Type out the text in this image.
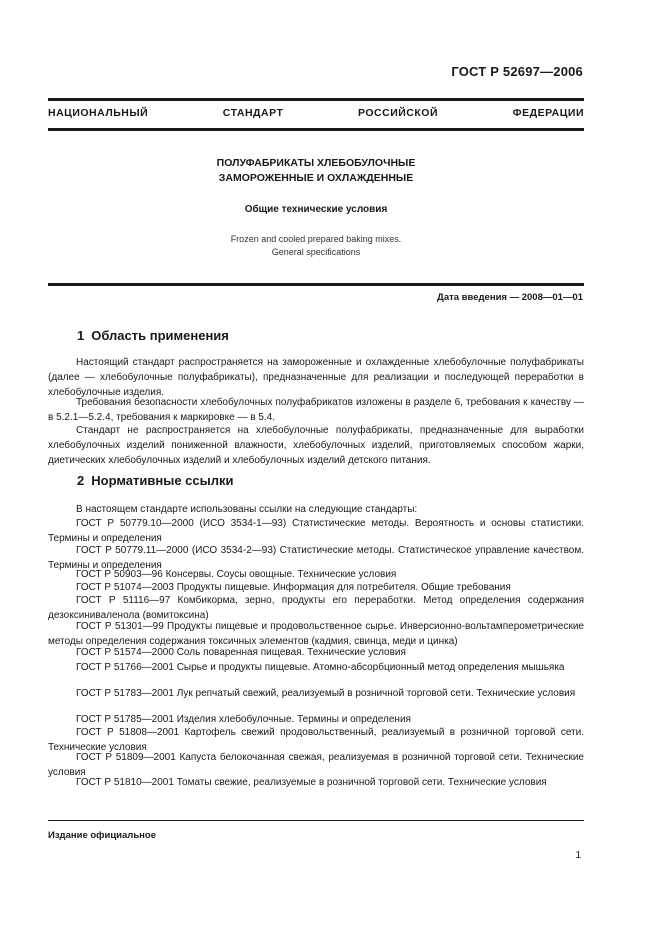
ГОСТ Р 52697—2006
НАЦИОНАЛЬНЫЙ СТАНДАРТ РОССИЙСКОЙ ФЕДЕРАЦИИ
ПОЛУФАБРИКАТЫ ХЛЕБОБУЛОЧНЫЕ
ЗАМОРОЖЕННЫЕ И ОХЛАЖДЕННЫЕ
Общие технические условия
Frozen and cooled prepared baking mixes.
General specifications
Дата введения — 2008—01—01
1 Область применения

Настоящий стандарт распространяется на замороженные и охлажденные хлебобулочные полуфабрикаты (далее — хлебобулочные полуфабрикаты), предназначенные для реализации и последующей переработки в хлебобулочные изделия.

Требования безопасности хлебобулочных полуфабрикатов изложены в разделе 6, требования к качеству — в 5.2.1—5.2.4, требования к маркировке — в 5.4.

Стандарт не распространяется на хлебобулочные полуфабрикаты, предназначенные для выработки хлебобулочных изделий пониженной влажности, хлебобулочных изделий, приготовляемых способом жарки, диетических хлебобулочных изделий и хлебобулочных изделий детского питания.

2 Нормативные ссылки

В настоящем стандарте использованы ссылки на следующие стандарты:

ГОСТ Р 50779.10—2000 (ИСО 3534-1—93) Статистические методы. Вероятность и основы статистики. Термины и определения

ГОСТ Р 50779.11—2000 (ИСО 3534-2—93) Статистические методы. Статистическое управление качеством. Термины и определения

ГОСТ Р 50903—96 Консервы. Соусы овощные. Технические условия

ГОСТ Р 51074—2003 Продукты пищевые. Информация для потребителя. Общие требования

ГОСТ Р 51116—97 Комбикорма, зерно, продукты его переработки. Метод определения содержания дезоксиниваленола (вомитоксина)

ГОСТ Р 51301—99 Продукты пищевые и продовольственное сырье. Инверсионно-вольтамперометрические методы определения содержания токсичных элементов (кадмия, свинца, меди и цинка)

ГОСТ Р 51574—2000 Соль поваренная пищевая. Технические условия

ГОСТ Р 51766—2001 Сырье и продукты пищевые. Атомно-абсорбционный метод определения мышьяка

ГОСТ Р 51783—2001 Лук репчатый свежий, реализуемый в розничной торговой сети. Технические условия

ГОСТ Р 51785—2001 Изделия хлебобулочные. Термины и определения

ГОСТ Р 51808—2001 Картофель свежий продовольственный, реализуемый в розничной торговой сети. Технические условия

ГОСТ Р 51809—2001 Капуста белокочанная свежая, реализуемая в розничной торговой сети. Технические условия

ГОСТ Р 51810—2001 Томаты свежие, реализуемые в розничной торговой сети. Технические условия

Издание официальное
1
